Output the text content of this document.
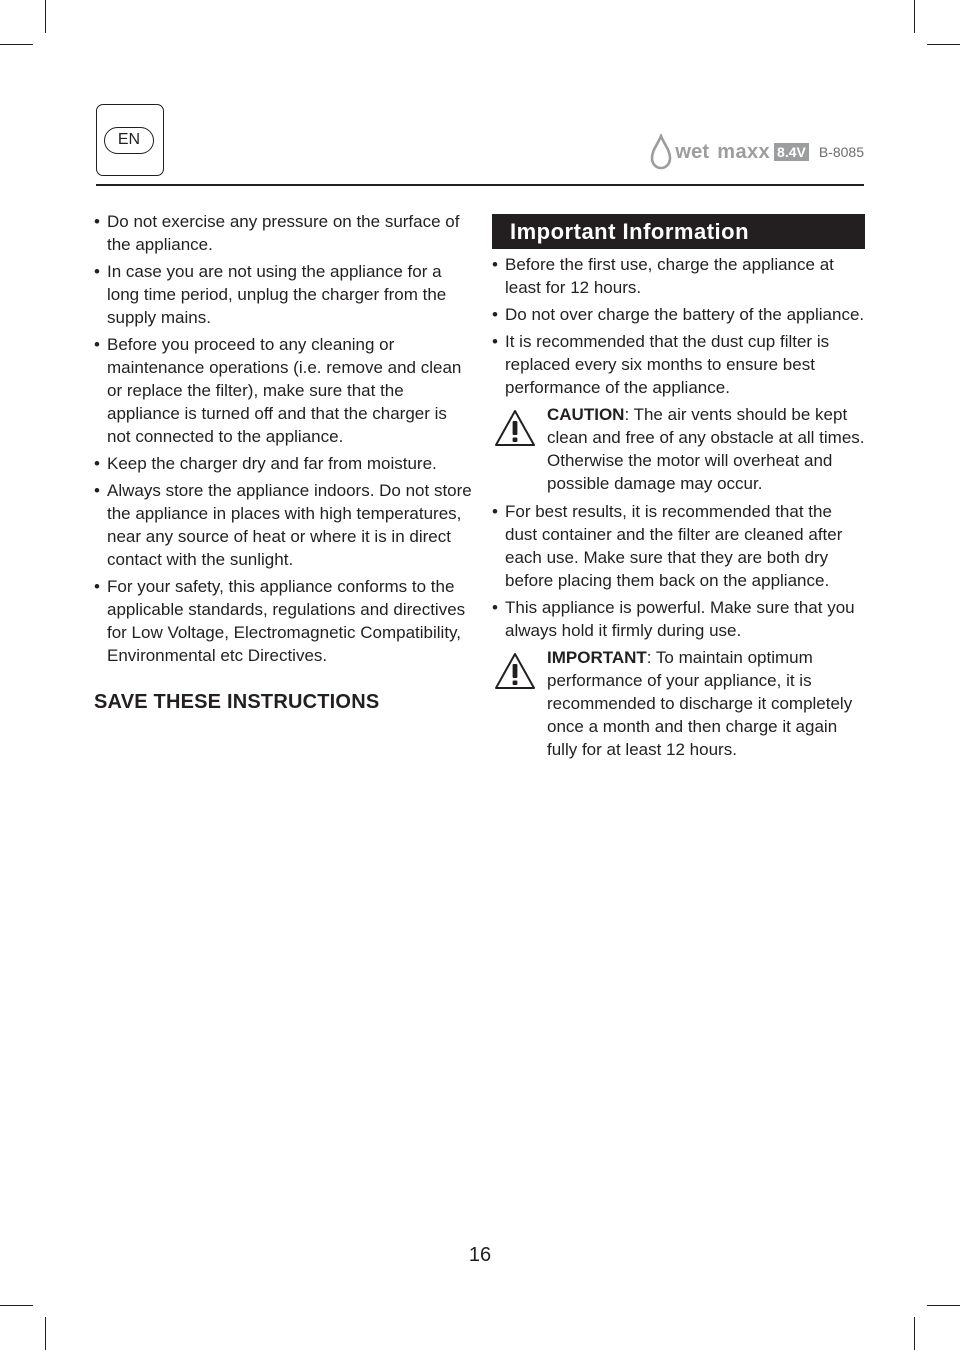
EN
wet maxx 8.4V B-8085
• Do not exercise any pressure on the surface of the appliance.
• In case you are not using the appliance for a long time period, unplug the charger from the supply mains.
• Before you proceed to any cleaning or maintenance operations (i.e. remove and clean or replace the filter), make sure that the appliance is turned off and that the charger is not connected to the appliance.
• Keep the charger dry and far from moisture.
• Always store the appliance indoors. Do not store the appliance in places with high temperatures, near any source of heat or where it is in direct contact with the sunlight.
• For your safety, this appliance conforms to the applicable standards, regulations and directives for Low Voltage, Electromagnetic Compatibility, Environmental etc Directives.
SAVE THESE INSTRUCTIONS
Important Information
• Before the first use, charge the appliance at least for 12 hours.
• Do not over charge the battery of the appliance.
• It is recommended that the dust cup filter is replaced every six months to ensure best performance of the appliance.
CAUTION: The air vents should be kept clean and free of any obstacle at all times. Otherwise the motor will overheat and possible damage may occur.
• For best results, it is recommended that the dust container and the filter are cleaned after each use. Make sure that they are both dry before placing them back on the appliance.
• This appliance is powerful. Make sure that you always hold it firmly during use.
IMPORTANT: To maintain optimum performance of your appliance, it is recommended to discharge it completely once a month and then charge it again fully for at least 12 hours.
16
